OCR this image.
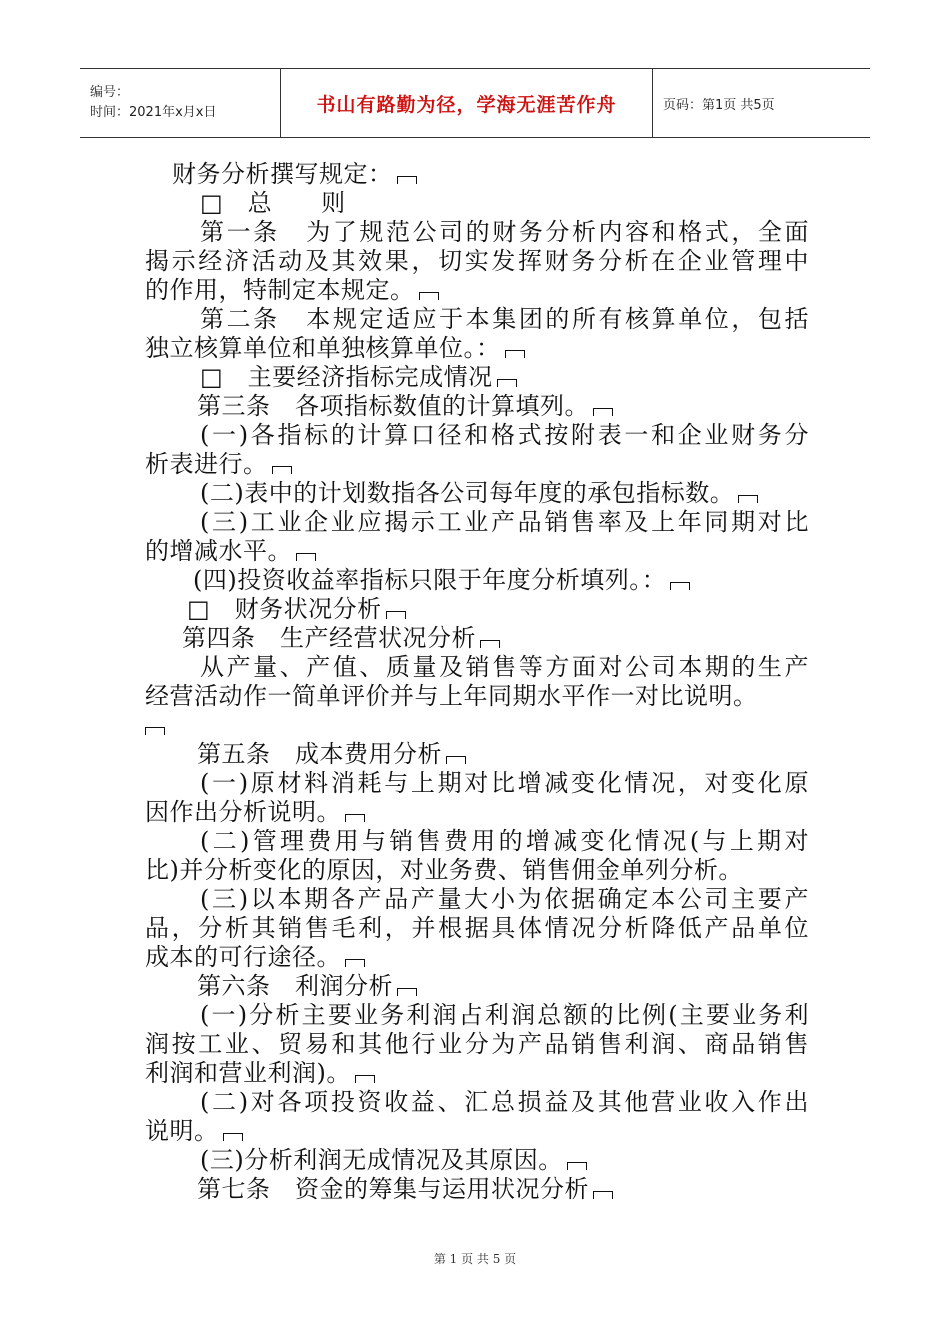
编号：
时间：2021年x月x日	书山有路勤为径，学海无涯苦作舟	页码：第1页 共5页
财务分析撰写规定：
□　总　　则
第一条　为了规范公司的财务分析内容和格式，全面
揭示经济活动及其效果，切实发挥财务分析在企业管理中
的作用，特制定本规定。
第二条　本规定适应于本集团的所有核算单位，包括
独立核算单位和单独核算单位。：
□　主要经济指标完成情况
第三条　各项指标数值的计算填列。
(一)各指标的计算口径和格式按附表一和企业财务分
析表进行。
(二)表中的计划数指各公司每年度的承包指标数。
(三)工业企业应揭示工业产品销售率及上年同期对比
的增减水平。
(四)投资收益率指标只限于年度分析填列。：
□　财务状况分析
第四条　生产经营状况分析
从产量、产值、质量及销售等方面对公司本期的生产
经营活动作一简单评价并与上年同期水平作一对比说明。
第五条　成本费用分析
(一)原材料消耗与上期对比增减变化情况，对变化原
因作出分析说明。
(二)管理费用与销售费用的增减变化情况(与上期对
比)并分析变化的原因，对业务费、销售佣金单列分析。
(三)以本期各产品产量大小为依据确定本公司主要产
品，分析其销售毛利，并根据具体情况分析降低产品单位
成本的可行途径。
第六条　利润分析
(一)分析主要业务利润占利润总额的比例(主要业务利
润按工业、贸易和其他行业分为产品销售利润、商品销售
利润和营业利润)。
(二)对各项投资收益、汇总损益及其他营业收入作出
说明。
(三)分析利润无成情况及其原因。
第七条　资金的筹集与运用状况分析
第 1 页 共 5 页
